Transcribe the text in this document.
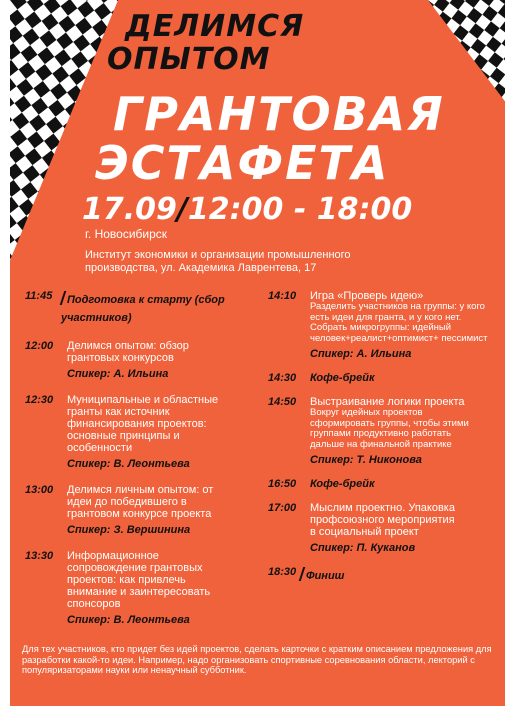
ДЕЛИМСЯ
ОПЫТОМ
ГРАНТОВАЯ
ЭСТАФЕТА
17.09/12:00 - 18:00
г. Новосибирск
Институт экономики и организации промышленного производства, ул. Академика Лаврентева, 17
11:45	Подготовка к старту (сбор участников)
12:00 Делимся опытом: обзор грантовых конкурсов
Спикер: А. Ильина
12:30 Муниципальные и областные гранты как источник финансирования проектов: основные принципы и особенности
Спикер: В. Леонтьева
13:00 Делимся личным опытом: от идеи до победившего в грантовом конкурсе проекта
Спикер: З. Вершинина
13:30 Информационное сопровождение грантовых проектов: как привлечь внимание и заинтересовать спонсоров
Спикер: В. Леонтьева
14:10 Игра «Проверь идею»
Разделить участников на группы: у кого есть идеи для гранта, и у кого нет. Собрать микрогруппы: идейный человек+реалист+оптимист+ пессимист
Спикер: А. Ильина
14:30 Кофе-брейк
14:50 Выстраивание логики проекта
Вокруг идейных проектов сформировать группы, чтобы этими группами продуктивно работать дальше на финальной практике
Спикер: Т. Никонова
16:50 Кофе-брейк
17:00 Мыслим проектно. Упаковка профсоюзного мероприятия в социальный проект
Спикер: П. Куканов
18:30 Финиш
Для тех участников, кто придет без идей проектов, сделать карточки с кратким описанием предложения для разработки какой-то идеи. Например, надо организовать спортивные соревнования области, лекторий с популяризаторами науки или ненаучный субботник.
